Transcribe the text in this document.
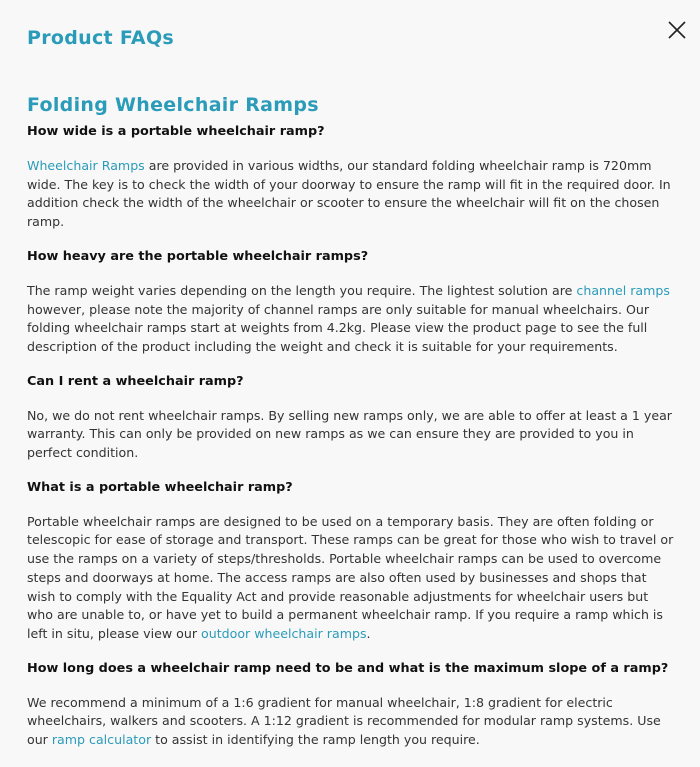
Product FAQs
Folding Wheelchair Ramps
How wide is a portable wheelchair ramp?
Wheelchair Ramps are provided in various widths, our standard folding wheelchair ramp is 720mm wide. The key is to check the width of your doorway to ensure the ramp will fit in the required door. In addition check the width of the wheelchair or scooter to ensure the wheelchair will fit on the chosen ramp.
How heavy are the portable wheelchair ramps?
The ramp weight varies depending on the length you require. The lightest solution are channel ramps however, please note the majority of channel ramps are only suitable for manual wheelchairs. Our folding wheelchair ramps start at weights from 4.2kg. Please view the product page to see the full description of the product including the weight and check it is suitable for your requirements.
Can I rent a wheelchair ramp?
No, we do not rent wheelchair ramps. By selling new ramps only, we are able to offer at least a 1 year warranty. This can only be provided on new ramps as we can ensure they are provided to you in perfect condition.
What is a portable wheelchair ramp?
Portable wheelchair ramps are designed to be used on a temporary basis. They are often folding or telescopic for ease of storage and transport. These ramps can be great for those who wish to travel or use the ramps on a variety of steps/thresholds. Portable wheelchair ramps can be used to overcome steps and doorways at home. The access ramps are also often used by businesses and shops that wish to comply with the Equality Act and provide reasonable adjustments for wheelchair users but who are unable to, or have yet to build a permanent wheelchair ramp. If you require a ramp which is left in situ, please view our outdoor wheelchair ramps.
How long does a wheelchair ramp need to be and what is the maximum slope of a ramp?
We recommend a minimum of a 1:6 gradient for manual wheelchair, 1:8 gradient for electric wheelchairs, walkers and scooters. A 1:12 gradient is recommended for modular ramp systems. Use our ramp calculator to assist in identifying the ramp length you require.
